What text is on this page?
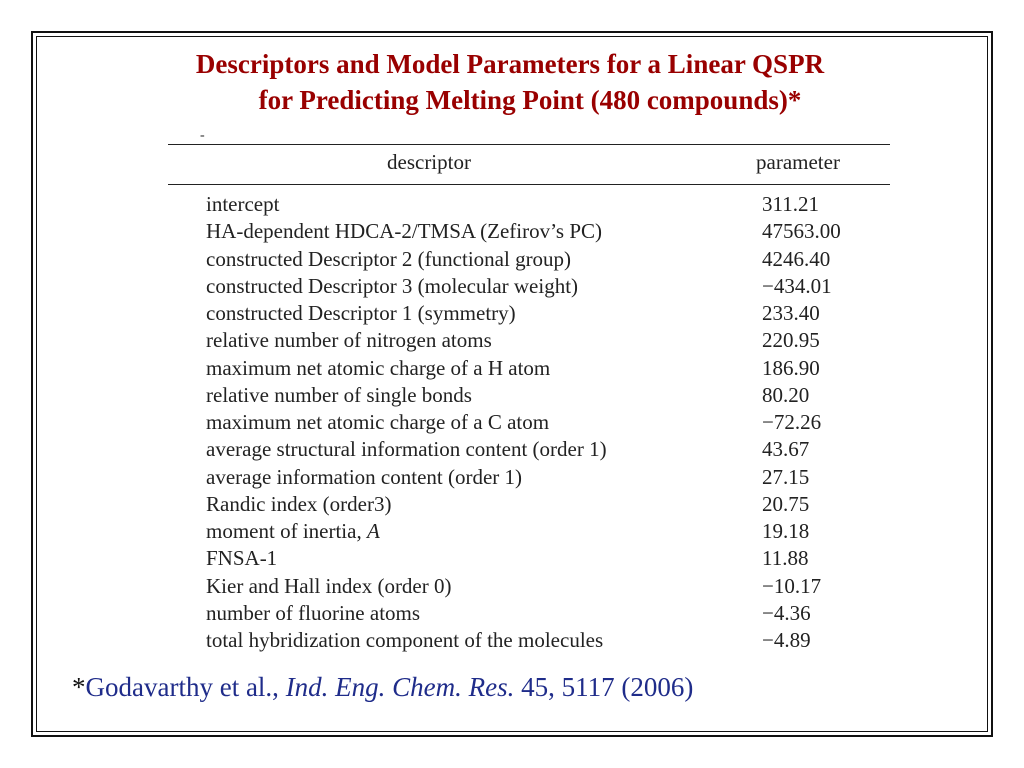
Descriptors and Model Parameters for a Linear QSPR
for Predicting Melting Point (480 compounds)*
-
descriptor	parameter
intercept	311.21
HA-dependent HDCA-2/TMSA (Zefirov’s PC)	47563.00
constructed Descriptor 2 (functional group)	4246.40
constructed Descriptor 3 (molecular weight)	−434.01
constructed Descriptor 1 (symmetry)	233.40
relative number of nitrogen atoms	220.95
maximum net atomic charge of a H atom	186.90
relative number of single bonds	80.20
maximum net atomic charge of a C atom	−72.26
average structural information content (order 1)	43.67
average information content (order 1)	27.15
Randic index (order3)	20.75
moment of inertia, A	19.18
FNSA-1	11.88
Kier and Hall index (order 0)	−10.17
number of fluorine atoms	−4.36
total hybridization component of the molecules	−4.89
*Godavarthy et al., Ind. Eng. Chem. Res. 45, 5117 (2006)
